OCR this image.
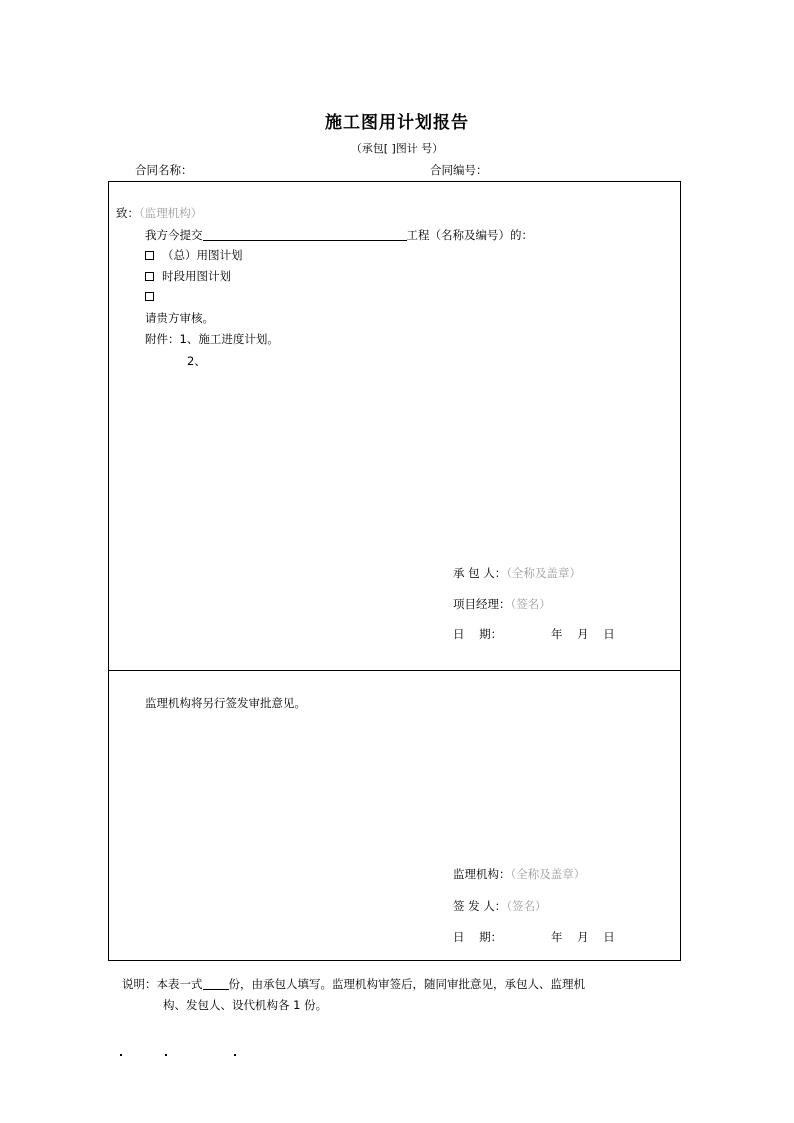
施工图用计划报告
（承包[ ]图计 号）
合同名称：	合同编号：
致：（监理机构）
我方今提交	工程（名称及编号）的：
（总）用图计划
时段用图计划
请贵方审核。
附件：1、施工进度计划。
2、
承 包 人：（全称及盖章）
项目经理：（签名）
日    期：	年    月    日
监理机构将另行签发审批意见。
监理机构：（全称及盖章）
签 发 人：（签名）
日    期：	年    月    日
说明：本表一式 份，由承包人填写。监理机构审签后，随同审批意见，承包人、监理机
构、发包人、设代机构各 1 份。
